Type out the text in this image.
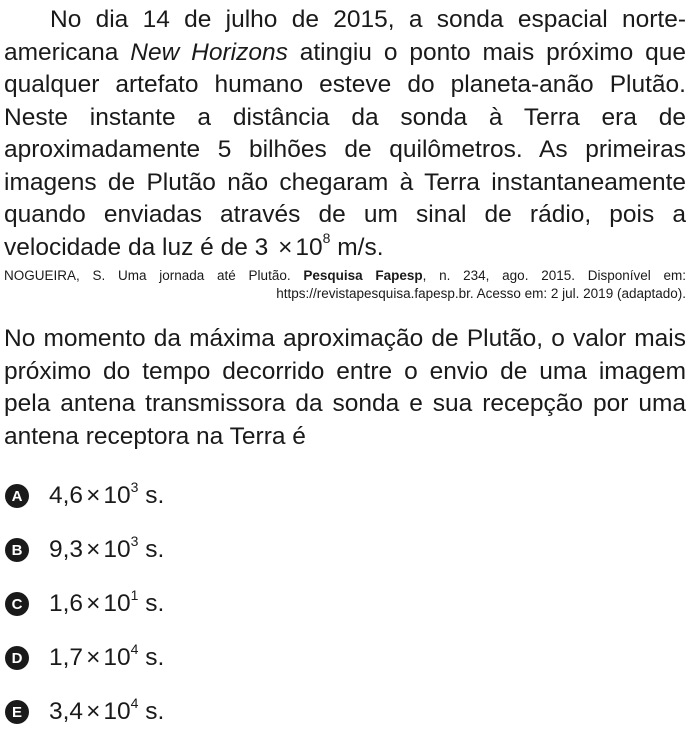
No dia 14 de julho de 2015, a sonda espacial norte-americana New Horizons atingiu o ponto mais próximo que qualquer artefato humano esteve do planeta-anão Plutão. Neste instante a distância da sonda à Terra era de aproximadamente 5 bilhões de quilômetros. As primeiras imagens de Plutão não chegaram à Terra instantaneamente quando enviadas através de um sinal de rádio, pois a velocidade da luz é de $3 \times 10^8$ m/s.

NOGUEIRA, S. Uma jornada até Plutão. Pesquisa Fapesp, n. 234, ago. 2015. Disponível em: https://revistapesquisa.fapesp.br. Acesso em: 2 jul. 2019 (adaptado).

No momento da máxima aproximação de Plutão, o valor mais próximo do tempo decorrido entre o envio de uma imagem pela antena transmissora da sonda e sua recepção por uma antena receptora na Terra é

A $4,6 \times 10^3$ s.
B $9,3 \times 10^3$ s.
C $1,6 \times 10^1$ s.
D $1,7 \times 10^4$ s.
E $3,4 \times 10^4$ s.
